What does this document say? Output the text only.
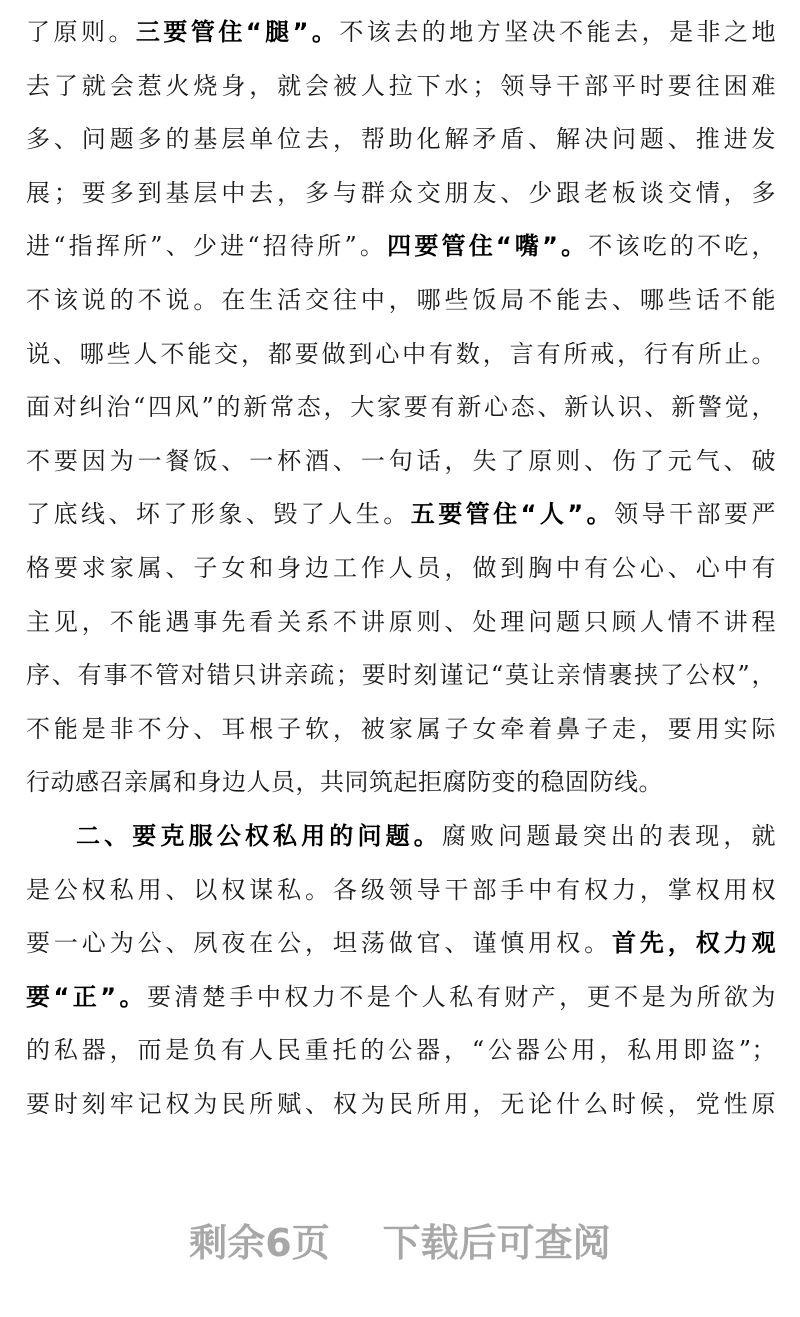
了原则。三要管住“腿”。不该去的地方坚决不能去，是非之地

去了就会惹火烧身，就会被人拉下水；领导干部平时要往困难

多、问题多的基层单位去，帮助化解矛盾、解决问题、推进发

展；要多到基层中去，多与群众交朋友、少跟老板谈交情，多

进“指挥所”、少进“招待所”。四要管住“嘴”。不该吃的不吃，

不该说的不说。在生活交往中，哪些饭局不能去、哪些话不能

说、哪些人不能交，都要做到心中有数，言有所戒，行有所止。

面对纠治“四风”的新常态，大家要有新心态、新认识、新警觉，

不要因为一餐饭、一杯酒、一句话，失了原则、伤了元气、破

了底线、坏了形象、毁了人生。五要管住“人”。领导干部要严

格要求家属、子女和身边工作人员，做到胸中有公心、心中有

主见，不能遇事先看关系不讲原则、处理问题只顾人情不讲程

序、有事不管对错只讲亲疏；要时刻谨记“莫让亲情裹挟了公权”，

不能是非不分、耳根子软，被家属子女牵着鼻子走，要用实际

行动感召亲属和身边人员，共同筑起拒腐防变的稳固防线。

二、要克服公权私用的问题。腐败问题最突出的表现，就

是公权私用、以权谋私。各级领导干部手中有权力，掌权用权

要一心为公、夙夜在公，坦荡做官、谨慎用权。首先，权力观

要“正”。要清楚手中权力不是个人私有财产，更不是为所欲为

的私器，而是负有人民重托的公器，“公器公用，私用即盗”；

要时刻牢记权为民所赋、权为民所用，无论什么时候，党性原

剩余6页 下载后可查阅
